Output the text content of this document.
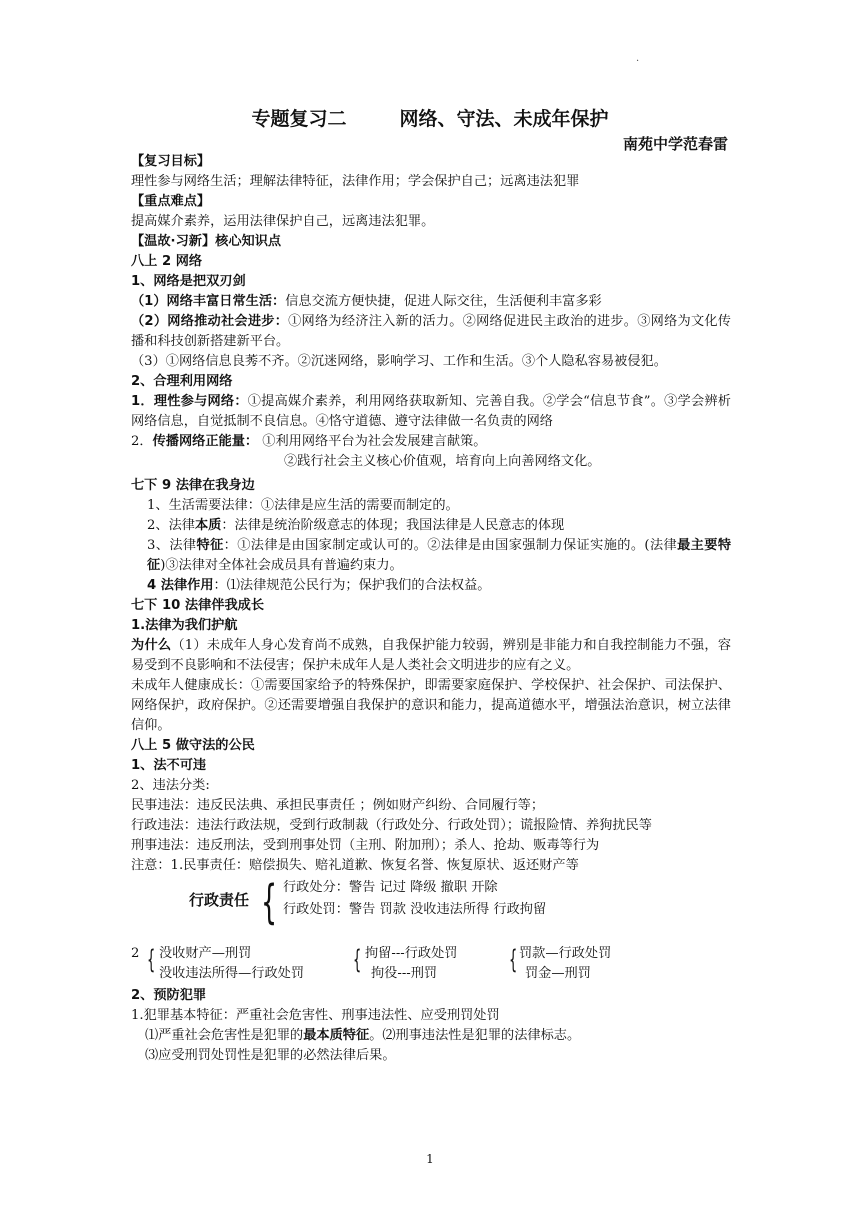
·
专题复习二        网络、守法、未成年保护
南苑中学范春雷
【复习目标】
理性参与网络生活；理解法律特征，法律作用；学会保护自己；远离违法犯罪
【重点难点】
提高媒介素养，运用法律保护自己，远离违法犯罪。
【温故·习新】核心知识点
八上 2 网络
1、网络是把双刃剑
（1）网络丰富日常生活：信息交流方便快捷，促进人际交往，生活便利丰富多彩
（2）网络推动社会进步：①网络为经济注入新的活力。②网络促进民主政治的进步。③网络为文化传播和科技创新搭建新平台。
（3）①网络信息良莠不齐。②沉迷网络，影响学习、工作和生活。③个人隐私容易被侵犯。
2、合理利用网络
1．理性参与网络：①提高媒介素养，利用网络获取新知、完善自我。②学会“信息节食”。③学会辨析网络信息，自觉抵制不良信息。④恪守道德、遵守法律做一名负责的网络
2．传播网络正能量： ①利用网络平台为社会发展建言献策。
②践行社会主义核心价值观，培育向上向善网络文化。
七下 9 法律在我身边
1、生活需要法律：①法律是应生活的需要而制定的。
2、法律本质：法律是统治阶级意志的体现；我国法律是人民意志的体现
3、法律特征：①法律是由国家制定或认可的。②法律是由国家强制力保证实施的。(法律最主要特征)③法律对全体社会成员具有普遍约束力。
4 法律作用：⑴法律规范公民行为；保护我们的合法权益。
七下 10 法律伴我成长
1.法律为我们护航
为什么（1）未成年人身心发育尚不成熟，自我保护能力较弱，辨别是非能力和自我控制能力不强，容易受到不良影响和不法侵害；保护未成年人是人类社会文明进步的应有之义。
未成年人健康成长：①需要国家给予的特殊保护，即需要家庭保护、学校保护、社会保护、司法保护、网络保护，政府保护。②还需要增强自我保护的意识和能力，提高道德水平，增强法治意识，树立法律信仰。
八上 5 做守法的公民
1、法不可违
2、违法分类:
民事违法：违反民法典、承担民事责任 ；例如财产纠纷、合同履行等；
行政违法：违法行政法规，受到行政制裁（行政处分、行政处罚）；谎报险情、养狗扰民等
刑事违法：违反刑法，受到刑事处罚（主刑、附加刑）；杀人、抢劫、贩毒等行为
注意：1.民事责任：赔偿损失、赔礼道歉、恢复名誉、恢复原状、返还财产等
行政责任 { 行政处分：警告 记过 降级 撤职 开除
行政处罚：警告 罚款 没收违法所得 行政拘留
2 { 没收财产—刑罚
没收违法所得—行政处罚 { 拘留---行政处罚
拘役---刑罚	{ 罚款—行政处罚
罚金—刑罚
2、预防犯罪
1.犯罪基本特征：严重社会危害性、刑事违法性、应受刑罚处罚
⑴严重社会危害性是犯罪的最本质特征。⑵刑事违法性是犯罪的法律标志。
⑶应受刑罚处罚性是犯罪的必然法律后果。
1
